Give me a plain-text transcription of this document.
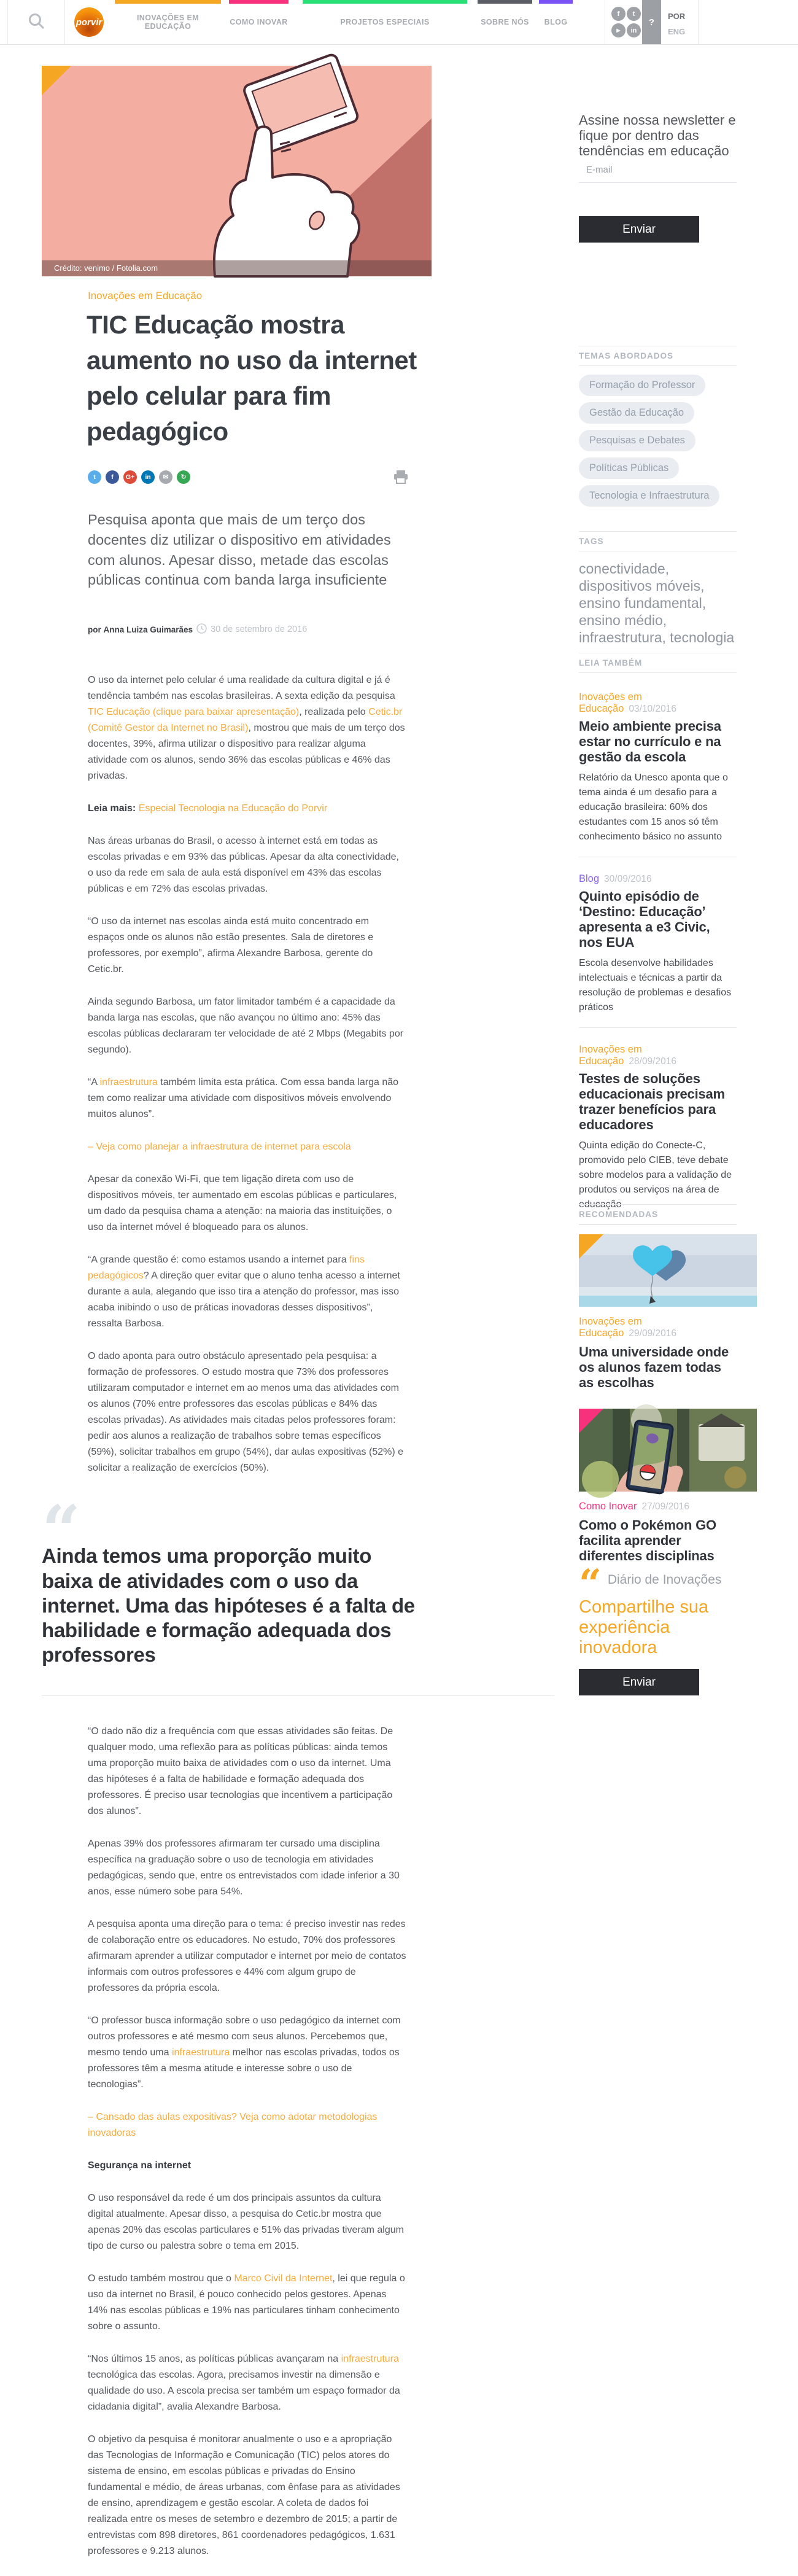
porvir	INOVAÇÕES EM EDUCAÇÃO	COMO INOVAR	PROJETOS ESPECIAIS	SOBRE NÓS BLOG
f t
▶ in
?
POR
ENG
Crédito: venimo / Fotolia.com
Inovações em Educação
TIC Educação mostra aumento no uso da internet pelo celular para fim pedagógico
t	f	G+	in	✉	↻
Pesquisa aponta que mais de um terço dos docentes diz utilizar o dispositivo em atividades com alunos. Apesar disso, metade das escolas públicas continua com banda larga insuficiente
por Anna Luiza Guimarães 30 de setembro de 2016

O uso da internet pelo celular é uma realidade da cultura digital e já é tendência também nas escolas brasileiras. A sexta edição da pesquisa TIC Educação (clique para baixar apresentação), realizada pelo Cetic.br (Comitê Gestor da Internet no Brasil), mostrou que mais de um terço dos docentes, 39%, afirma utilizar o dispositivo para realizar alguma atividade com os alunos, sendo 36% das escolas públicas e 46% das privadas.

Leia mais: Especial Tecnologia na Educação do Porvir

Nas áreas urbanas do Brasil, o acesso à internet está em todas as escolas privadas e em 93% das públicas. Apesar da alta conectividade, o uso da rede em sala de aula está disponível em 43% das escolas públicas e em 72% das escolas privadas.

“O uso da internet nas escolas ainda está muito concentrado em espaços onde os alunos não estão presentes. Sala de diretores e professores, por exemplo”, afirma Alexandre Barbosa, gerente do Cetic.br.

Ainda segundo Barbosa, um fator limitador também é a capacidade da banda larga nas escolas, que não avançou no último ano: 45% das escolas públicas declararam ter velocidade de até 2 Mbps (Megabits por segundo).

“A infraestrutura também limita esta prática. Com essa banda larga não tem como realizar uma atividade com dispositivos móveis envolvendo muitos alunos”.

– Veja como planejar a infraestrutura de internet para escola

Apesar da conexão Wi-Fi, que tem ligação direta com uso de dispositivos móveis, ter aumentado em escolas públicas e particulares, um dado da pesquisa chama a atenção: na maioria das instituições, o uso da internet móvel é bloqueado para os alunos.

“A grande questão é: como estamos usando a internet para fins pedagógicos? A direção quer evitar que o aluno tenha acesso a internet durante a aula, alegando que isso tira a atenção do professor, mas isso acaba inibindo o uso de práticas inovadoras desses dispositivos”, ressalta Barbosa.

O dado aponta para outro obstáculo apresentado pela pesquisa: a formação de professores. O estudo mostra que 73% dos professores utilizaram computador e internet em ao menos uma das atividades com os alunos (70% entre professores das escolas públicas e 84% das escolas privadas). As atividades mais citadas pelos professores foram: pedir aos alunos a realização de trabalhos sobre temas específicos (59%), solicitar trabalhos em grupo (54%), dar aulas expositivas (52%) e solicitar a realização de exercícios (50%).

“
Ainda temos uma proporção muito baixa de atividades com o uso da internet. Uma das hipóteses é a falta de habilidade e formação adequada dos professores

“O dado não diz a frequência com que essas atividades são feitas. De qualquer modo, uma reflexão para as políticas públicas: ainda temos uma proporção muito baixa de atividades com o uso da internet. Uma das hipóteses é a falta de habilidade e formação adequada dos professores. É preciso usar tecnologias que incentivem a participação dos alunos”.

Apenas 39% dos professores afirmaram ter cursado uma disciplina específica na graduação sobre o uso de tecnologia em atividades pedagógicas, sendo que, entre os entrevistados com idade inferior a 30 anos, esse número sobe para 54%.

A pesquisa aponta uma direção para o tema: é preciso investir nas redes de colaboração entre os educadores. No estudo, 70% dos professores afirmaram aprender a utilizar computador e internet por meio de contatos informais com outros professores e 44% com algum grupo de professores da própria escola.

“O professor busca informação sobre o uso pedagógico da internet com outros professores e até mesmo com seus alunos. Percebemos que, mesmo tendo uma infraestrutura melhor nas escolas privadas, todos os professores têm a mesma atitude e interesse sobre o uso de tecnologias”.

– Cansado das aulas expositivas? Veja como adotar metodologias inovadoras

Segurança na internet

O uso responsável da rede é um dos principais assuntos da cultura digital atualmente. Apesar disso, a pesquisa do Cetic.br mostra que apenas 20% das escolas particulares e 51% das privadas tiveram algum tipo de curso ou palestra sobre o tema em 2015.

O estudo também mostrou que o Marco Civil da Internet, lei que regula o uso da internet no Brasil, é pouco conhecido pelos gestores. Apenas 14% nas escolas públicas e 19% nas particulares tinham conhecimento sobre o assunto.

“Nos últimos 15 anos, as políticas públicas avançaram na infraestrutura tecnológica das escolas. Agora, precisamos investir na dimensão e qualidade do uso. A escola precisa ser também um espaço formador da cidadania digital”, avalia Alexandre Barbosa.

O objetivo da pesquisa é monitorar anualmente o uso e a apropriação das Tecnologias de Informação e Comunicação (TIC) pelos atores do sistema de ensino, em escolas públicas e privadas do Ensino fundamental e médio, de áreas urbanas, com ênfase para as atividades de ensino, aprendizagem e gestão escolar. A coleta de dados foi realizada entre os meses de setembro e dezembro de 2015; a partir de entrevistas com 898 diretores, 861 coordenadores pedagógicos, 1.631 professores e 9.213 alunos.

Assine nossa newsletter e fique por dentro das tendências em educação
E-mail
Enviar
TEMAS ABORDADOS
Formação do Professor
Gestão da Educação
Pesquisas e Debates
Políticas Públicas
Tecnologia e Infraestrutura
TAGS
conectividade, dispositivos móveis, ensino fundamental, ensino médio, infraestrutura, tecnologia
LEIA TAMBÉM
Inovações em Educação 03/10/2016
Meio ambiente precisa estar no currículo e na gestão da escola
Relatório da Unesco aponta que o tema ainda é um desafio para a educação brasileira: 60% dos estudantes com 15 anos só têm conhecimento básico no assunto
Blog 30/09/2016
Quinto episódio de ‘Destino: Educação’ apresenta a e3 Civic, nos EUA
Escola desenvolve habilidades intelectuais e técnicas a partir da resolução de problemas e desafios práticos
Inovações em Educação 28/09/2016
Testes de soluções educacionais precisam trazer benefícios para educadores
Quinta edição do Conecte-C, promovido pelo CIEB, teve debate sobre modelos para a validação de produtos ou serviços na área de educação
RECOMENDADAS
Inovações em Educação 29/09/2016
Uma universidade onde os alunos fazem todas as escolhas
Como Inovar 27/09/2016
Como o Pokémon GO facilita aprender diferentes disciplinas
“ Diário de Inovações
Compartilhe sua experiência inovadora
Enviar
